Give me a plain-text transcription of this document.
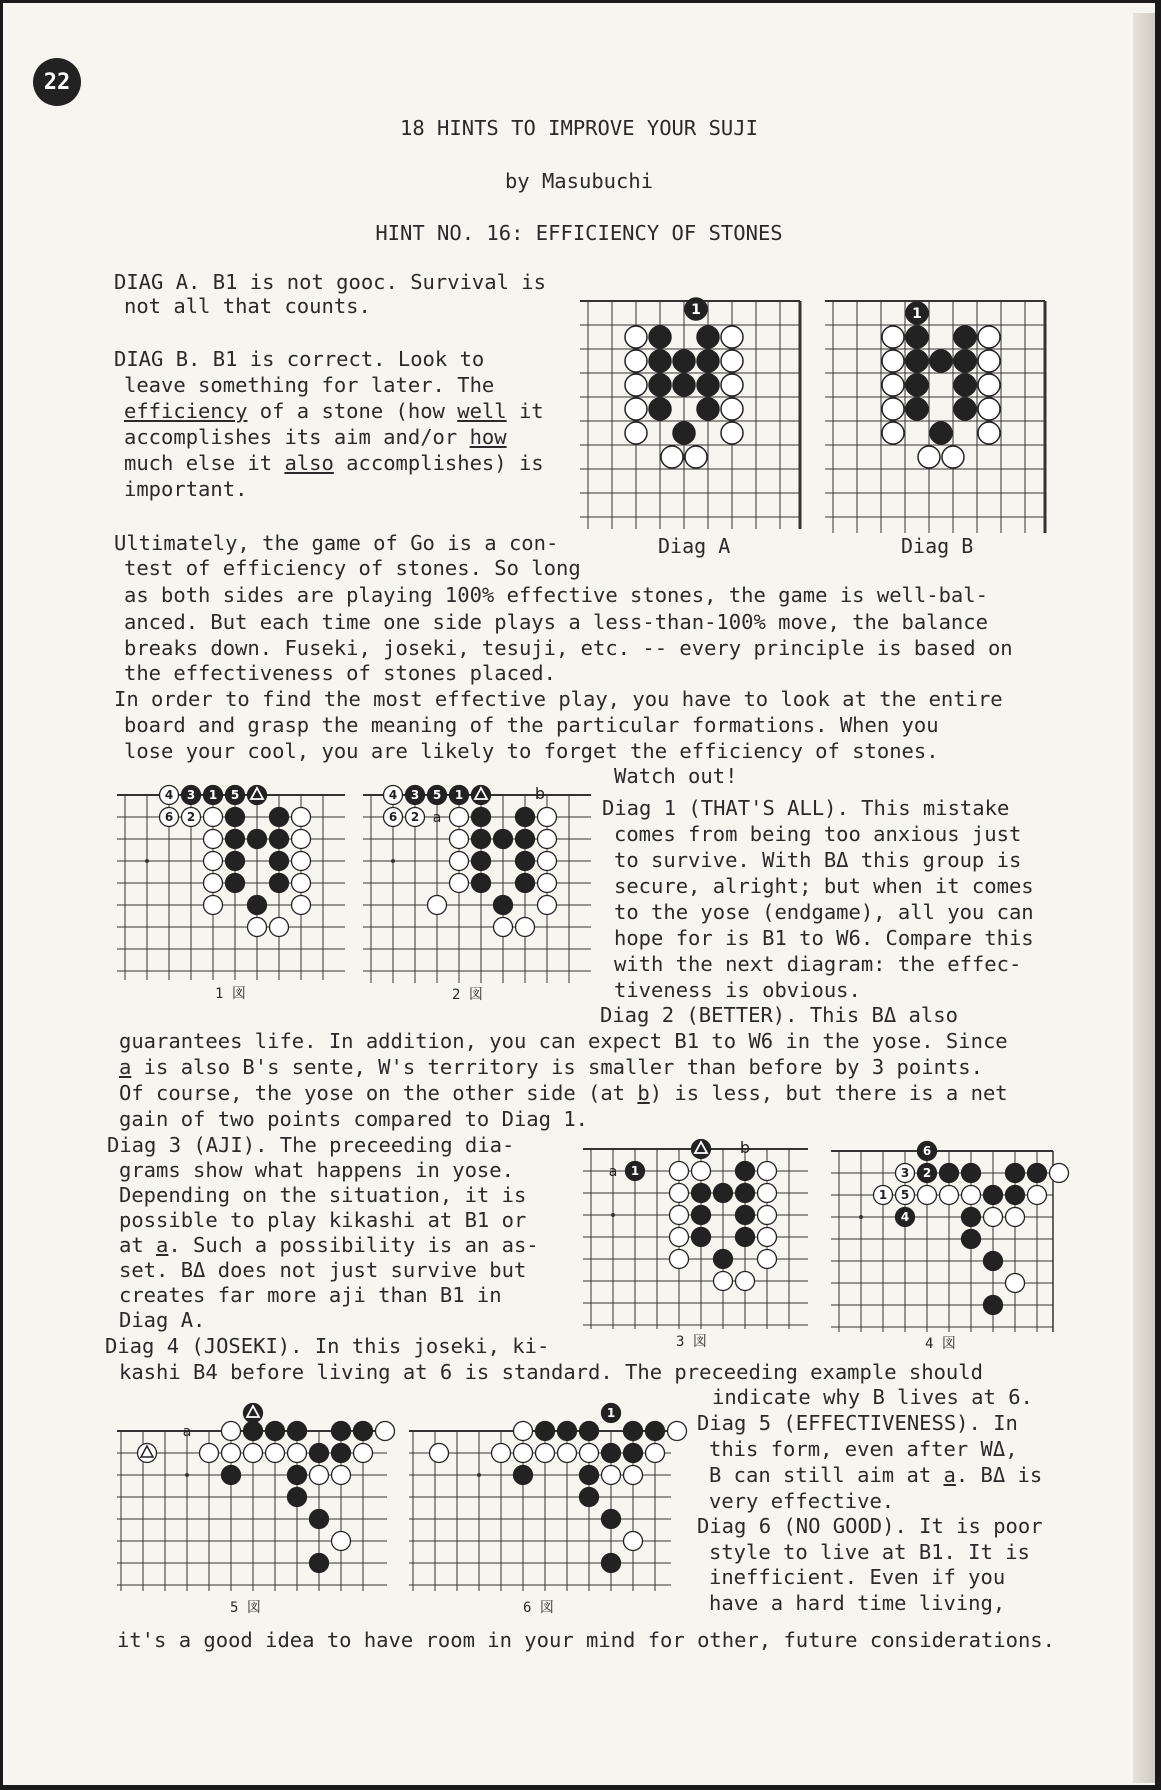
22
18 HINTS TO IMPROVE YOUR SUJI
by Masubuchi
HINT NO. 16: EFFICIENCY OF STONES
DIAG A. B1 is not gooc. Survival is
not all that counts.
DIAG B. B1 is correct. Look to
leave something for later. The
efficiency of a stone (how well it
accomplishes its aim and/or how
much else it also accomplishes) is
important.
1
Diag A
1
Diag B
Ultimately, the game of Go is a con-
test of efficiency of stones. So long
as both sides are playing 100% effective stones, the game is well-bal-
anced. But each time one side plays a less-than-100% move, the balance
breaks down. Fuseki, joseki, tesuji, etc. -- every principle is based on
the effectiveness of stones placed.
In order to find the most effective play, you have to look at the entire
board and grasp the meaning of the particular formations. When you
lose your cool, you are likely to forget the efficiency of stones.
Watch out!
4 3 1 5
6 2
1 図
4 3 5 1
6 2 a
b
2 図
Diag 1 (THAT'S ALL). This mistake
comes from being too anxious just
to survive. With BΔ this group is
secure, alright; but when it comes
to the yose (endgame), all you can
hope for is B1 to W6. Compare this
with the next diagram: the effec-
tiveness is obvious.
Diag 2 (BETTER). This BΔ also
guarantees life. In addition, you can expect B1 to W6 in the yose. Since
a is also B's sente, W's territory is smaller than before by 3 points.
Of course, the yose on the other side (at b) is less, but there is a net
gain of two points compared to Diag 1.
Diag 3 (AJI). The preceeding dia-
grams show what happens in yose.
Depending on the situation, it is
possible to play kikashi at B1 or
at a. Such a possibility is an as-
set. BΔ does not just survive but
creates far more aji than B1 in
Diag A.
1
a
b
3 図
6
3 2
1 5
4
4 図
Diag 4 (JOSEKI). In this joseki, ki-
kashi B4 before living at 6 is standard. The preceeding example should
indicate why B lives at 6.
a
5 図
1
6 図
Diag 5 (EFFECTIVENESS). In
this form, even after WΔ,
B can still aim at a. BΔ is
very effective.
Diag 6 (NO GOOD). It is poor
style to live at B1. It is
inefficient. Even if you
have a hard time living,
it's a good idea to have room in your mind for other, future considerations.
